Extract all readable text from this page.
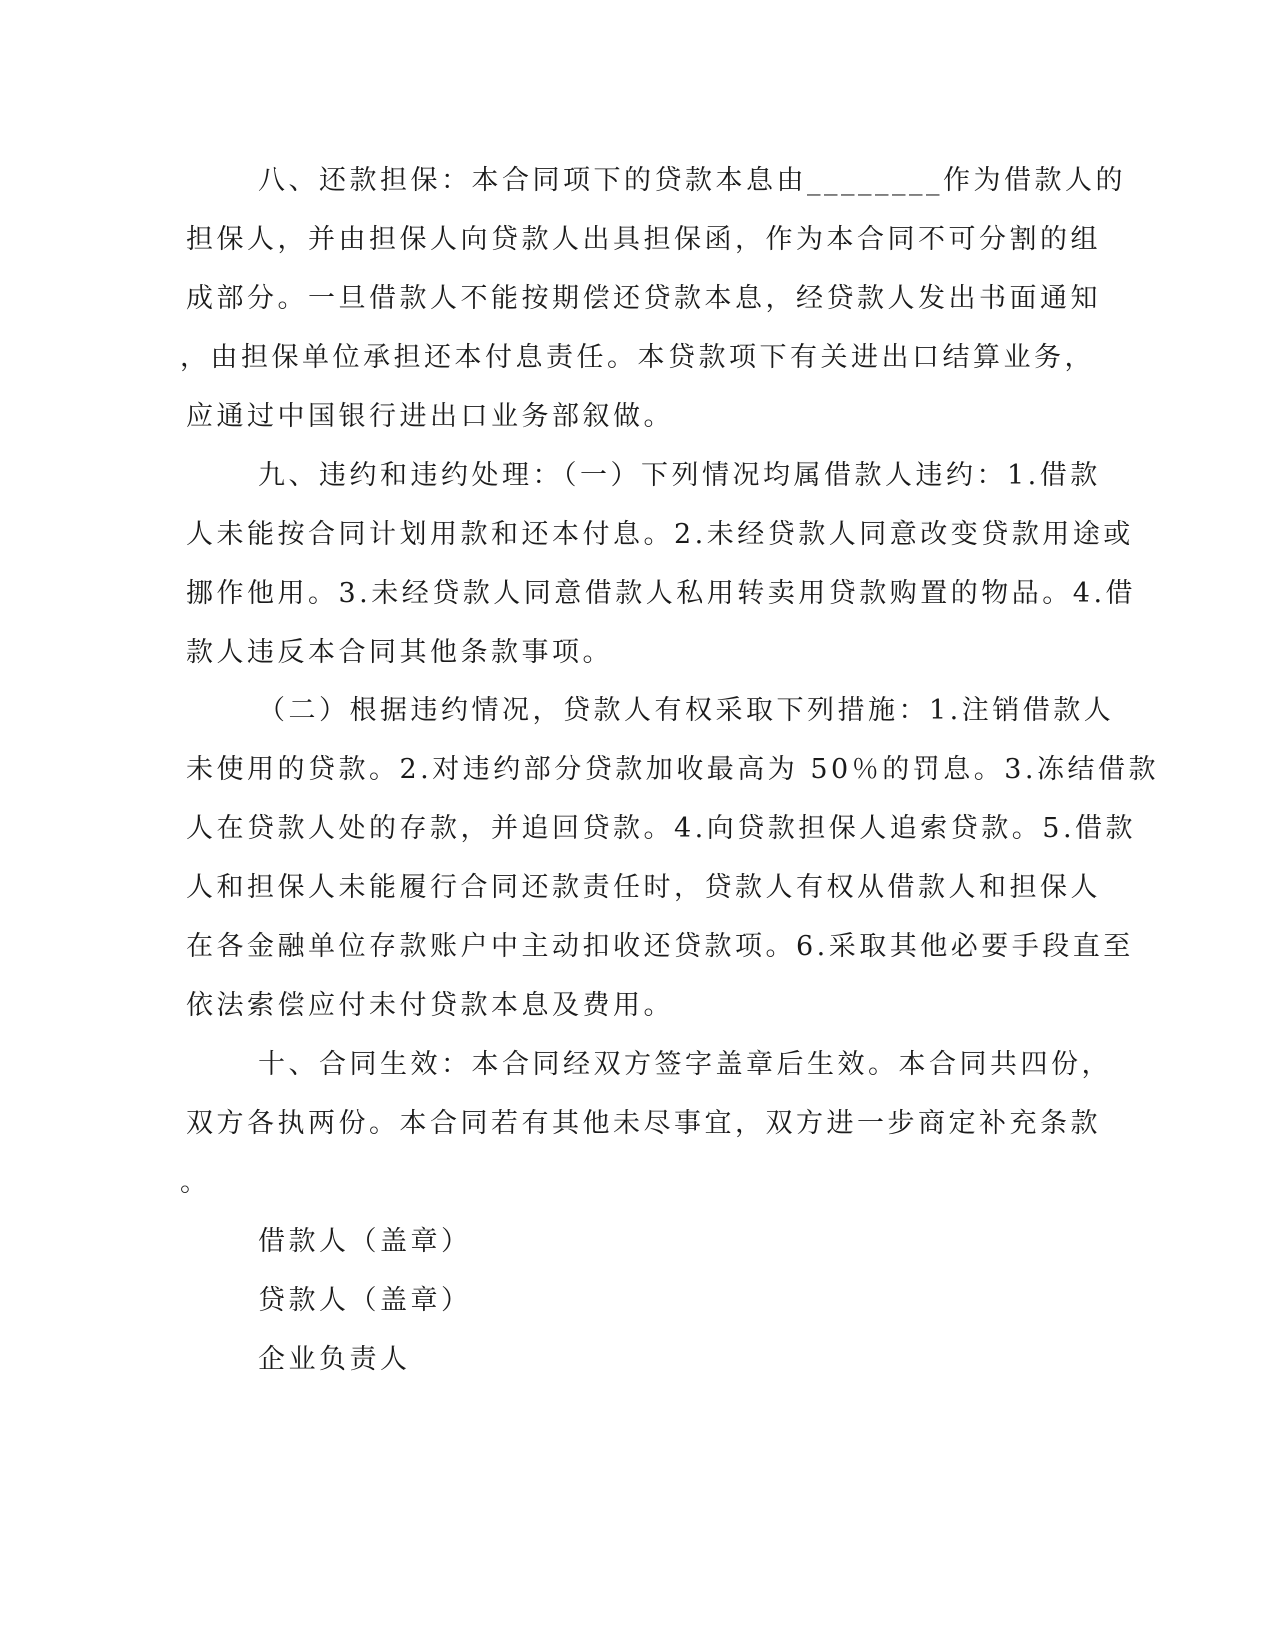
八、还款担保：本合同项下的贷款本息由________作为借款人的
担保人，并由担保人向贷款人出具担保函，作为本合同不可分割的组
成部分。一旦借款人不能按期偿还贷款本息，经贷款人发出书面通知
，由担保单位承担还本付息责任。本贷款项下有关进出口结算业务，
应通过中国银行进出口业务部叙做。
九、违约和违约处理：（一）下列情况均属借款人违约：1.借款
人未能按合同计划用款和还本付息。2.未经贷款人同意改变贷款用途或
挪作他用。3.未经贷款人同意借款人私用转卖用贷款购置的物品。4.借
款人违反本合同其他条款事项。
（二）根据违约情况，贷款人有权采取下列措施：1.注销借款人
未使用的贷款。2.对违约部分贷款加收最高为 50％的罚息。3.冻结借款
人在贷款人处的存款，并追回贷款。4.向贷款担保人追索贷款。5.借款
人和担保人未能履行合同还款责任时，贷款人有权从借款人和担保人
在各金融单位存款账户中主动扣收还贷款项。6.采取其他必要手段直至
依法索偿应付未付贷款本息及费用。
十、合同生效：本合同经双方签字盖章后生效。本合同共四份，
双方各执两份。本合同若有其他未尽事宜，双方进一步商定补充条款
。
借款人（盖章）
贷款人（盖章）
企业负责人
